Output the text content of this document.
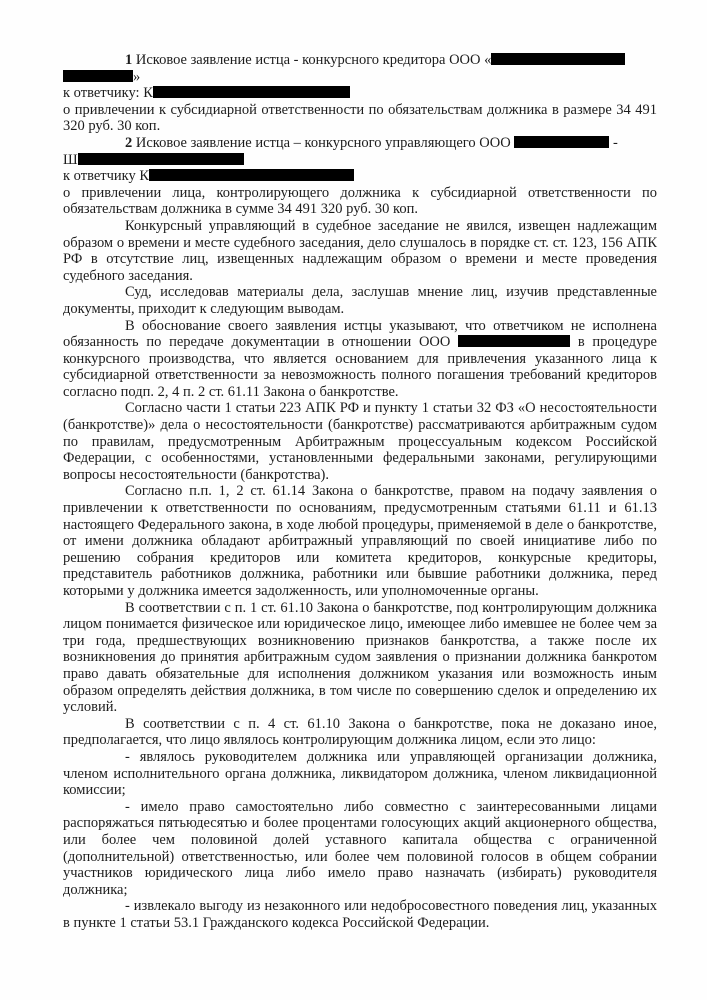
1 Исковое заявление истца - конкурсного кредитора ООО «
»

к ответчику: К

о привлечении к субсидиарной ответственности по обязательствам должника в размере 34 491 320 руб. 30 коп.

2 Исковое заявление истца – конкурсного управляющего ООО	-
Ш

к ответчику К

о привлечении лица, контролирующего должника к субсидиарной ответственности по обязательствам должника в сумме 34 491 320 руб. 30 коп.

Конкурсный управляющий в судебное заседание не явился, извещен надлежащим образом о времени и месте судебного заседания, дело слушалось в порядке ст. ст. 123, 156 АПК РФ в отсутствие лиц, извещенных надлежащим образом о времени и месте проведения судебного заседания.

Суд, исследовав материалы дела, заслушав мнение лиц, изучив представленные документы, приходит к следующим выводам.

В обоснование своего заявления истцы указывают, что ответчиком не исполнена обязанность по передаче документации в отношении ООО	в процедуре конкурсного производства, что является основанием для привлечения указанного лица к субсидиарной ответственности за невозможность полного погашения требований кредиторов согласно подп. 2, 4 п. 2 ст. 61.11 Закона о банкротстве.

Согласно части 1 статьи 223 АПК РФ и пункту 1 статьи 32 ФЗ «О несостоятельности (банкротстве)» дела о несостоятельности (банкротстве) рассматриваются арбитражным судом по правилам, предусмотренным Арбитражным процессуальным кодексом Российской Федерации, с особенностями, установленными федеральными законами, регулирующими вопросы несостоятельности (банкротства).

Согласно п.п. 1, 2 ст. 61.14 Закона о банкротстве, правом на подачу заявления о привлечении к ответственности по основаниям, предусмотренным статьями 61.11 и 61.13 настоящего Федерального закона, в ходе любой процедуры, применяемой в деле о банкротстве, от имени должника обладают арбитражный управляющий по своей инициативе либо по решению собрания кредиторов или комитета кредиторов, конкурсные кредиторы, представитель работников должника, работники или бывшие работники должника, перед которыми у должника имеется задолженность, или уполномоченные органы.

В соответствии с п. 1 ст. 61.10 Закона о банкротстве, под контролирующим должника лицом понимается физическое или юридическое лицо, имеющее либо имевшее не более чем за три года, предшествующих возникновению признаков банкротства, а также после их возникновения до принятия арбитражным судом заявления о признании должника банкротом право давать обязательные для исполнения должником указания или возможность иным образом определять действия должника, в том числе по совершению сделок и определению их условий.

В соответствии с п. 4 ст. 61.10 Закона о банкротстве, пока не доказано иное, предполагается, что лицо являлось контролирующим должника лицом, если это лицо:

- являлось руководителем должника или управляющей организации должника, членом исполнительного органа должника, ликвидатором должника, членом ликвидационной комиссии;

- имело право самостоятельно либо совместно с заинтересованными лицами распоряжаться пятьюдесятью и более процентами голосующих акций акционерного общества, или более чем половиной долей уставного капитала общества с ограниченной (дополнительной) ответственностью, или более чем половиной голосов в общем собрании участников юридического лица либо имело право назначать (избирать) руководителя должника;

- извлекало выгоду из незаконного или недобросовестного поведения лиц, указанных в пункте 1 статьи 53.1 Гражданского кодекса Российской Федерации.
